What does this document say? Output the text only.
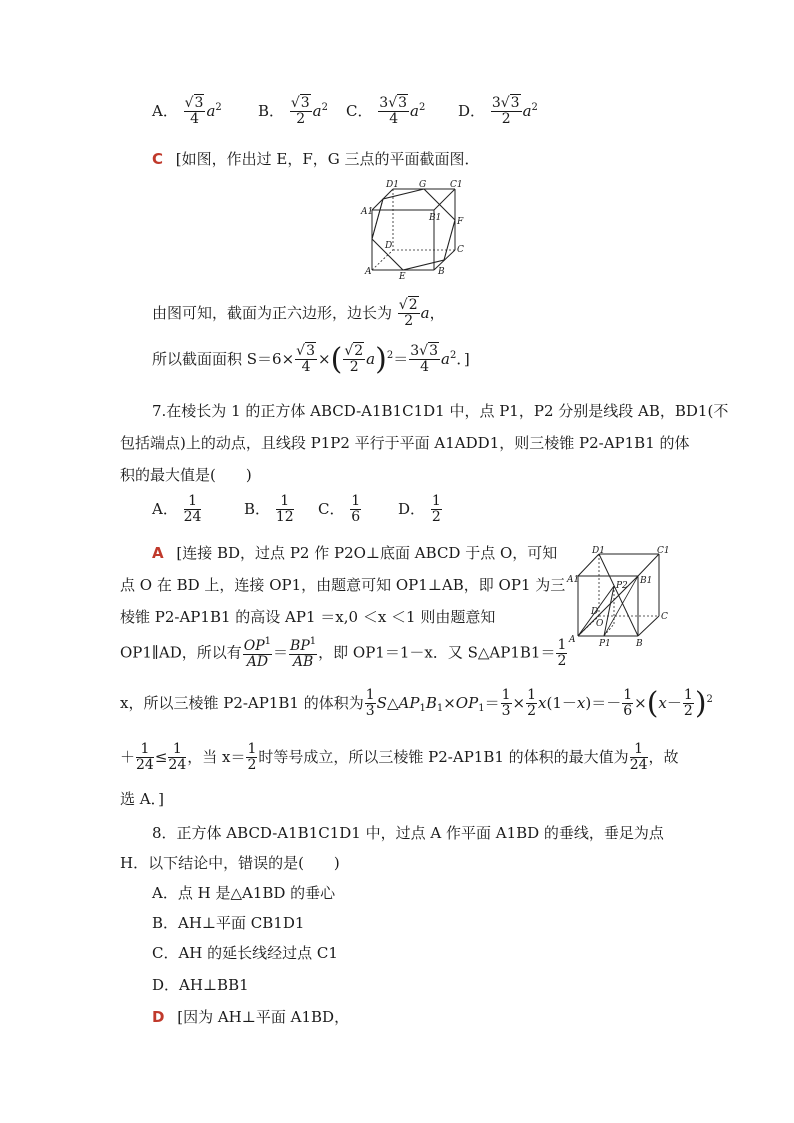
A． $\frac{√3}{4} a^2$ B． $\frac{√3}{2} a^2$ C． $\frac{3√3}{4} a^2$ D． $\frac{3√3}{2} a^2$
C [如图，作出过 E，F，G 三点的平面截面图．
D1 G	C1
A1
B1 F
D	C
A	E	B
由图可知，截面为正六边形，边长为 $\frac{√2}{2}$ a，
所以截面面积 $S=6\times \frac{√3}{4}$ ×( $\frac{√2}{2} a)^2= \frac{3√3}{4} a^2$．]
7.在棱长为 1 的正方体 ABCD-A1B1C1D1 中，点 P1，P2 分别是线段 AB，BD1(不
包括端点)上的动点，且线段 P1P2 平行于平面 A1ADD1，则三棱锥 P2-AP1B1 的体
积的最大值是(　　)
A． $\frac{1}{24}$	B． $\frac{1}{12}$ C． $\frac{1}{6}$ D． $\frac{1}{2}$
A [连接 BD，过点 P2 作 P2O⊥底面 ABCD 于点 O，可知
点 O 在 BD 上，连接 OP1，由题意可知 OP1⊥AB，即 OP1 为三
棱锥 P2-AP1B1 的高设 AP1 ＝x,0 ＜x ＜1 则由题意知
OP1∥AD，所以有 $\frac{OP^1}{AD} = \frac{BP^1}{AB}$ ，即 OP1＝1－x．又 S△AP1B1＝ $\frac{1}{2}$
D1	C1
A1	B1
P2
D
O
C
A	P1	B
x，所以三棱锥 P2-AP1B1 的体积为 $\frac{1}{3}$ $S\triangle AP_1B_1\times OP_1= \frac{1}{3} \times \frac{1}{2} x(1-x)=- \frac{1}{6} \times(x- \frac{1}{2} )^2$
＋ $\frac{1}{24} \le \frac{1}{24}$ ，当 $x= \frac{1}{2}$ 时等号成立，所以三棱锥 P2-AP1B1 的体积的最大值为 $\frac{1}{24}$ ，故
选 A．]
8．正方体 ABCD-A1B1C1D1 中，过点 A 作平面 A1BD 的垂线，垂足为点
H．以下结论中，错误的是(　　)
A．点 H 是△A1BD 的垂心
B．AH⊥平面 CB1D1
C．AH 的延长线经过点 C1
D．AH⊥BB1
D [因为 AH⊥平面 A1BD，
